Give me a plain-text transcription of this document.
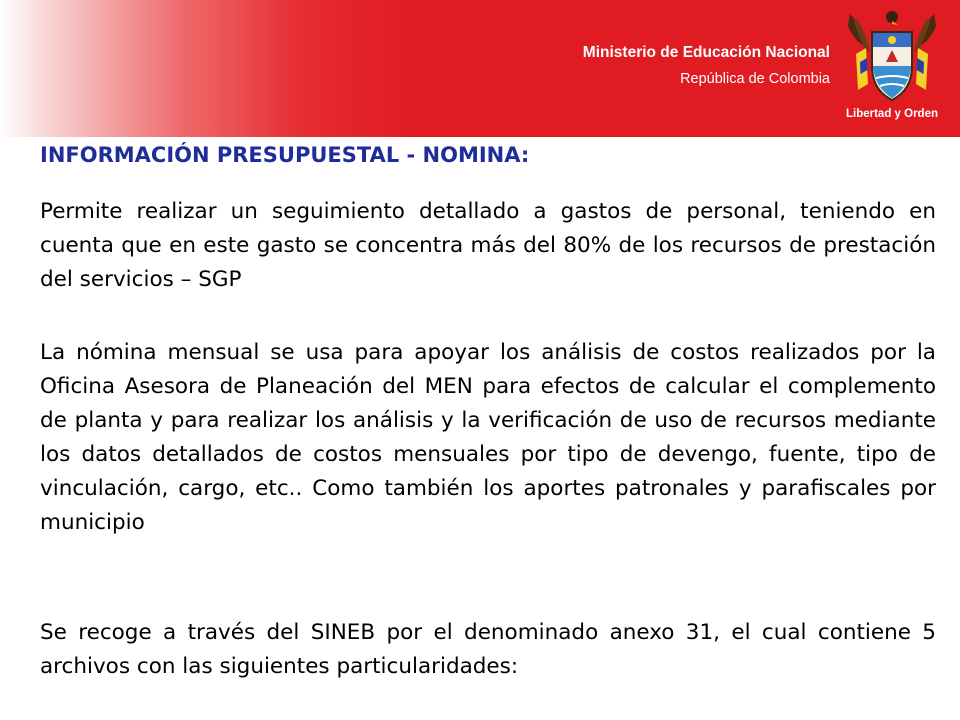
Ministerio de Educación Nacional
República de Colombia
Libertad y Orden
INFORMACIÓN PRESUPUESTAL - NOMINA:

Permite realizar un seguimiento detallado a gastos de personal, teniendo en cuenta que en este gasto se concentra más del 80% de los recursos de prestación del servicios – SGP

La nómina mensual se usa para apoyar los análisis de costos realizados por la Oficina Asesora de Planeación del MEN para efectos de calcular el complemento de planta y para realizar los análisis y la verificación de uso de recursos mediante los datos detallados de costos mensuales por tipo de devengo, fuente, tipo de vinculación, cargo, etc.. Como también los aportes patronales y parafiscales por municipio

Se recoge a través del SINEB por el denominado anexo 31, el cual contiene 5 archivos con las siguientes particularidades:
